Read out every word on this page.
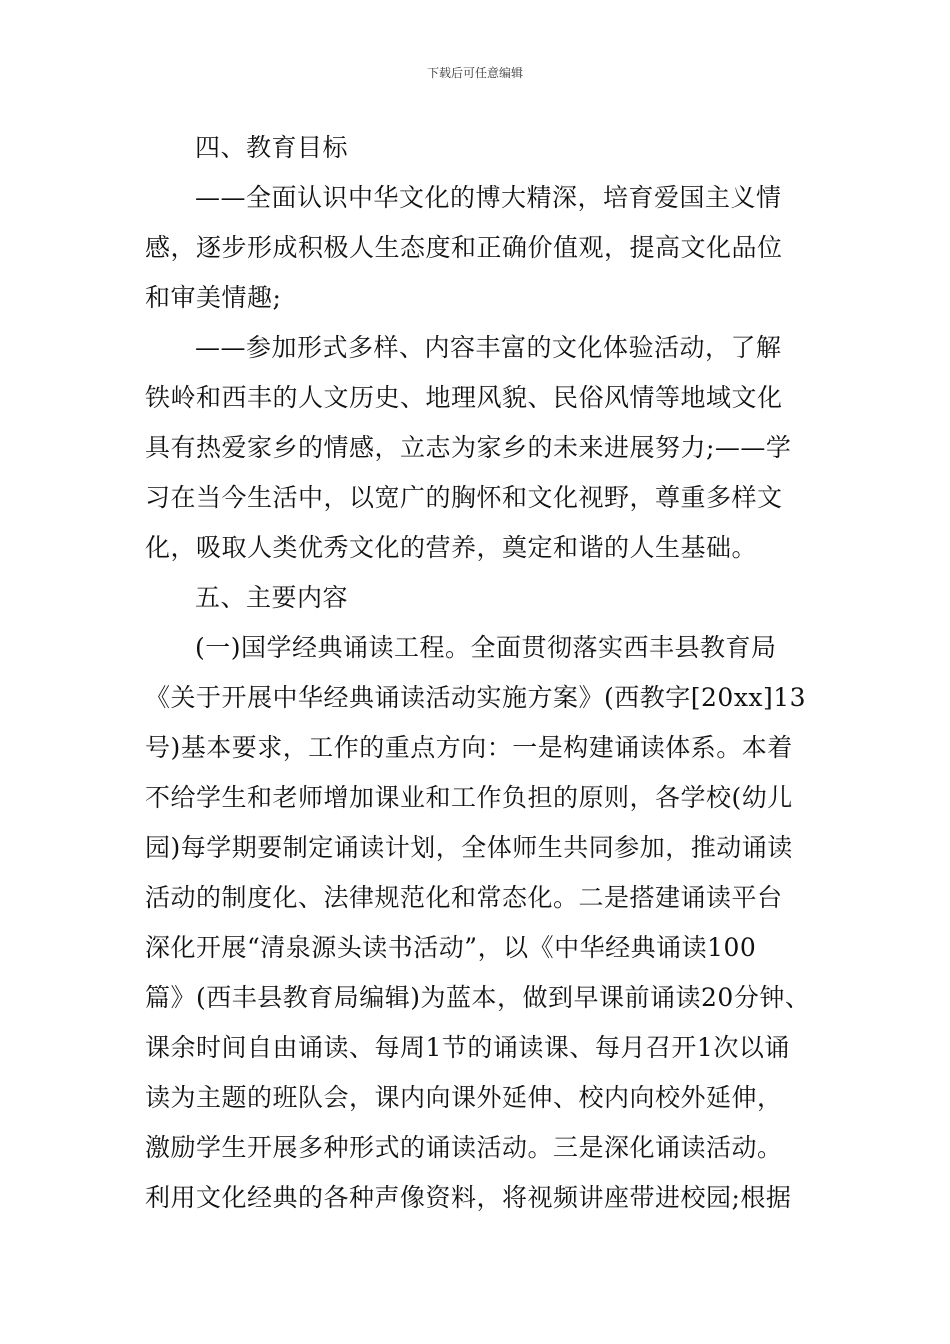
下载后可任意编辑
四、教育目标
——全面认识中华文化的博大精深，培育爱国主义情
感，逐步形成积极人生态度和正确价值观，提高文化品位
和审美情趣;
——参加形式多样、内容丰富的文化体验活动，了解
铁岭和西丰的人文历史、地理风貌、民俗风情等地域文化
具有热爱家乡的情感，立志为家乡的未来进展努力;——学
习在当今生活中，以宽广的胸怀和文化视野，尊重多样文
化，吸取人类优秀文化的营养，奠定和谐的人生基础。
五、主要内容
(一)国学经典诵读工程。全面贯彻落实西丰县教育局
《关于开展中华经典诵读活动实施方案》(西教字[20xx]13
号)基本要求，工作的重点方向：一是构建诵读体系。本着
不给学生和老师增加课业和工作负担的原则，各学校(幼儿
园)每学期要制定诵读计划，全体师生共同参加，推动诵读
活动的制度化、法律规范化和常态化。二是搭建诵读平台
深化开展“清泉源头读书活动”，以《中华经典诵读100
篇》(西丰县教育局编辑)为蓝本，做到早课前诵读20分钟、
课余时间自由诵读、每周1节的诵读课、每月召开1次以诵
读为主题的班队会，课内向课外延伸、校内向校外延伸，
激励学生开展多种形式的诵读活动。三是深化诵读活动。
利用文化经典的各种声像资料，将视频讲座带进校园;根据
